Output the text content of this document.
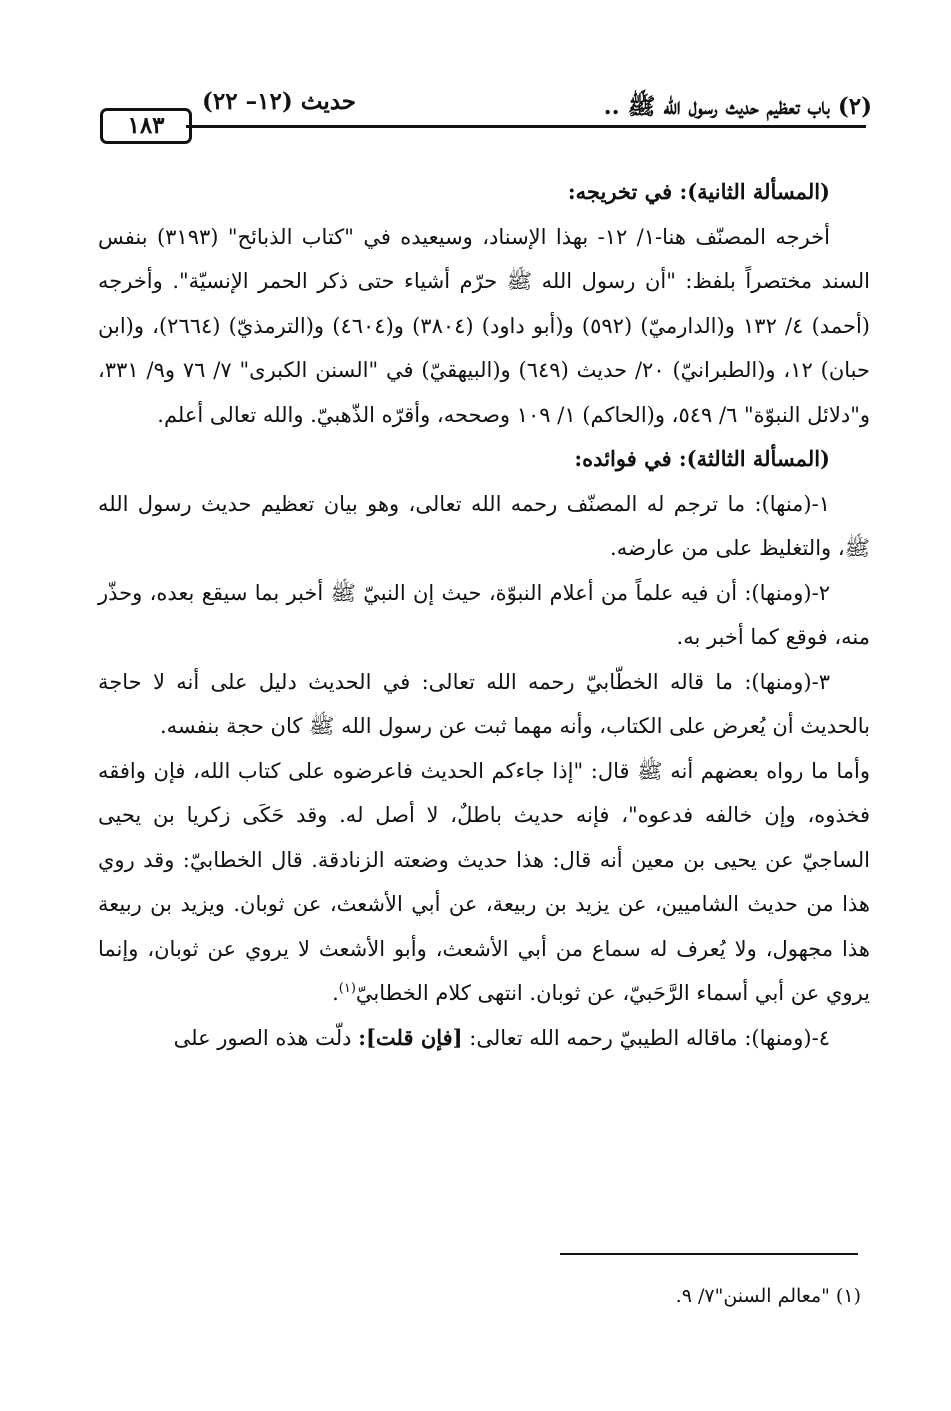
١٨٣
حديث (١٢– ٢٢)	(٢) باب تعظيم حديث رسول الله ﷺ ..

(المسألة الثانية): في تخريجه:

أخرجه المصنّف هنا-١/ ١٢- بهذا الإسناد، وسيعيده في "كتاب الذبائح" (٣١٩٣) بنفس السند مختصراً بلفظ: "أن رسول الله ﷺ حرّم أشياء حتى ذكر الحمر الإنسيّة". وأخرجه (أحمد) ٤/ ١٣٢ و(الدارميّ) (٥٩٢) و(أبو داود) (٣٨٠٤) و(٤٦٠٤) و(الترمذيّ) (٢٦٦٤)، و(ابن حبان) ١٢، و(الطبرانيّ) ٢٠/ حديث (٦٤٩) و(البيهقيّ) في "السنن الكبرى" ٧/ ٧٦ و٩/ ٣٣١، و"دلائل النبوّة" ٦/ ٥٤٩، و(الحاكم) ١/ ١٠٩ وصححه، وأقرّه الذّهبيّ. والله تعالى أعلم.

(المسألة الثالثة): في فوائده:

١-(منها): ما ترجم له المصنّف رحمه الله تعالى، وهو بيان تعظيم حديث رسول الله ﷺ، والتغليظ على من عارضه.

٢-(ومنها): أن فيه علماً من أعلام النبوّة، حيث إن النبيّ ﷺ أخبر بما سيقع بعده، وحذّر منه، فوقع كما أخبر به.

٣-(ومنها): ما قاله الخطّابيّ رحمه الله تعالى: في الحديث دليل على أنه لا حاجة بالحديث أن يُعرض على الكتاب، وأنه مهما ثبت عن رسول الله ﷺ كان حجة بنفسه.

وأما ما رواه بعضهم أنه ﷺ قال: "إذا جاءكم الحديث فاعرضوه على كتاب الله، فإن وافقه فخذوه، وإن خالفه فدعوه"، فإنه حديث باطلٌ، لا أصل له. وقد حَكَى زكريا بن يحيى الساجيّ عن يحيى بن معين أنه قال: هذا حديث وضعته الزنادقة. قال الخطابيّ: وقد روي هذا من حديث الشاميين، عن يزيد بن ربيعة، عن أبي الأشعث، عن ثوبان. ويزيد بن ربيعة هذا مجهول، ولا يُعرف له سماع من أبي الأشعث، وأبو الأشعث لا يروي عن ثوبان، وإنما يروي عن أبي أسماء الرَّحَبيّ، عن ثوبان. انتهى كلام الخطابيّ$^{(١)}$.

٤-(ومنها): ماقاله الطيبيّ رحمه الله تعالى: [فإن قلت]: دلّت هذه الصور على

(١) "معالم السنن"٧/ ٩.
